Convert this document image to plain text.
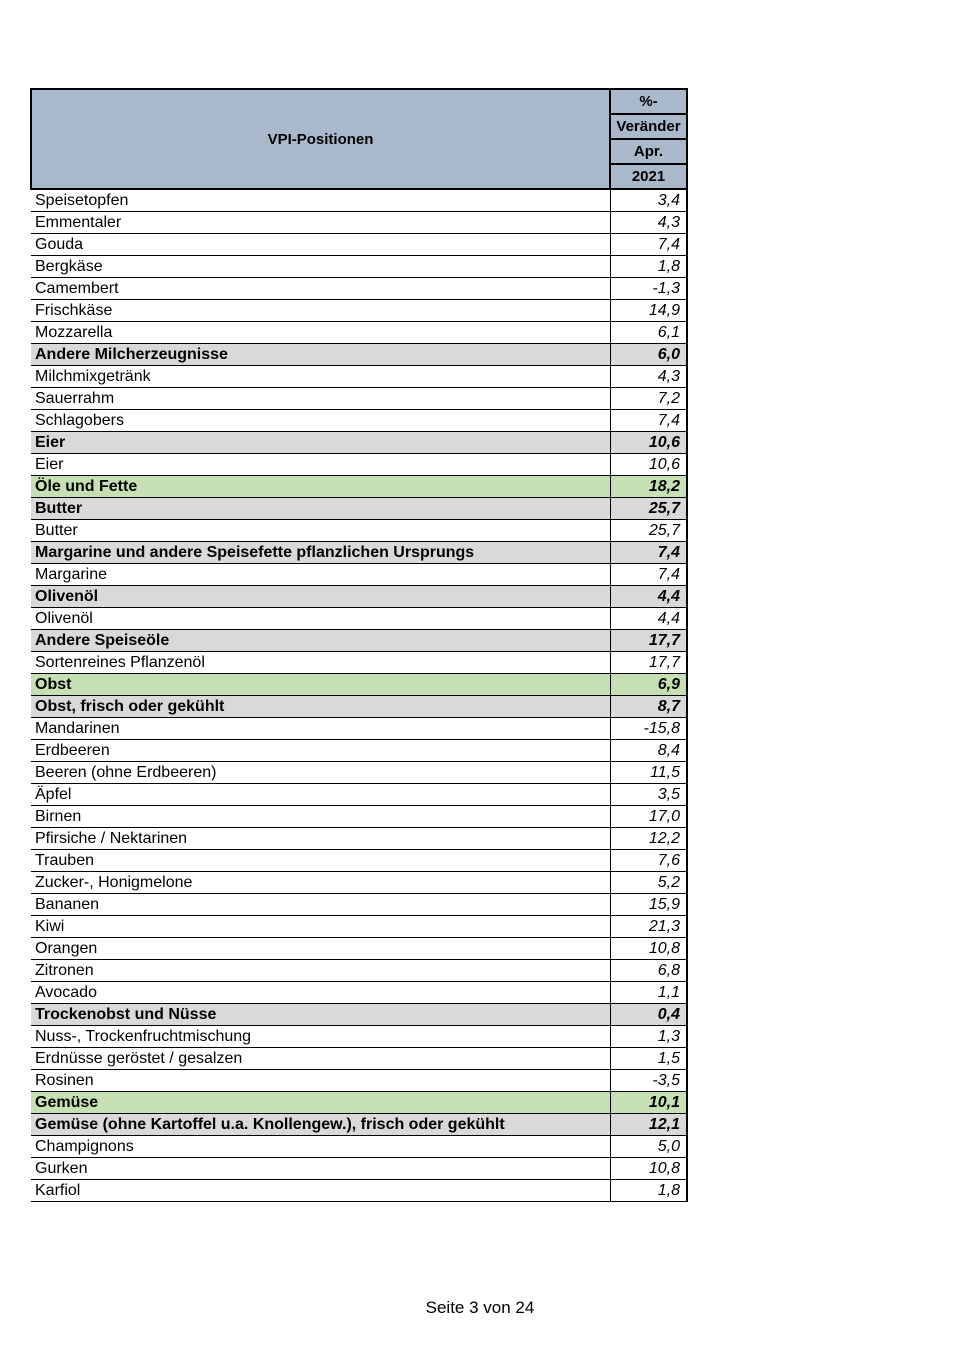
VPI-Positionen	%-
	Veränder
	Apr.
	2021
Speisetopfen	3,4
Emmentaler	4,3
Gouda	7,4
Bergkäse	1,8
Camembert	-1,3
Frischkäse	14,9
Mozzarella	6,1
Andere Milcherzeugnisse	6,0
Milchmixgetränk	4,3
Sauerrahm	7,2
Schlagobers	7,4
Eier	10,6
Eier	10,6
Öle und Fette	18,2
Butter	25,7
Butter	25,7
Margarine und andere Speisefette pflanzlichen Ursprungs	7,4
Margarine	7,4
Olivenöl	4,4
Olivenöl	4,4
Andere Speiseöle	17,7
Sortenreines Pflanzenöl	17,7
Obst	6,9
Obst, frisch oder gekühlt	8,7
Mandarinen	-15,8
Erdbeeren	8,4
Beeren (ohne Erdbeeren)	11,5
Äpfel	3,5
Birnen	17,0
Pfirsiche / Nektarinen	12,2
Trauben	7,6
Zucker-, Honigmelone	5,2
Bananen	15,9
Kiwi	21,3
Orangen	10,8
Zitronen	6,8
Avocado	1,1
Trockenobst und Nüsse	0,4
Nuss-, Trockenfruchtmischung	1,3
Erdnüsse geröstet / gesalzen	1,5
Rosinen	-3,5
Gemüse	10,1
Gemüse (ohne Kartoffel u.a. Knollengew.), frisch oder gekühlt	12,1
Champignons	5,0
Gurken	10,8
Karfiol	1,8
Seite 3 von 24
